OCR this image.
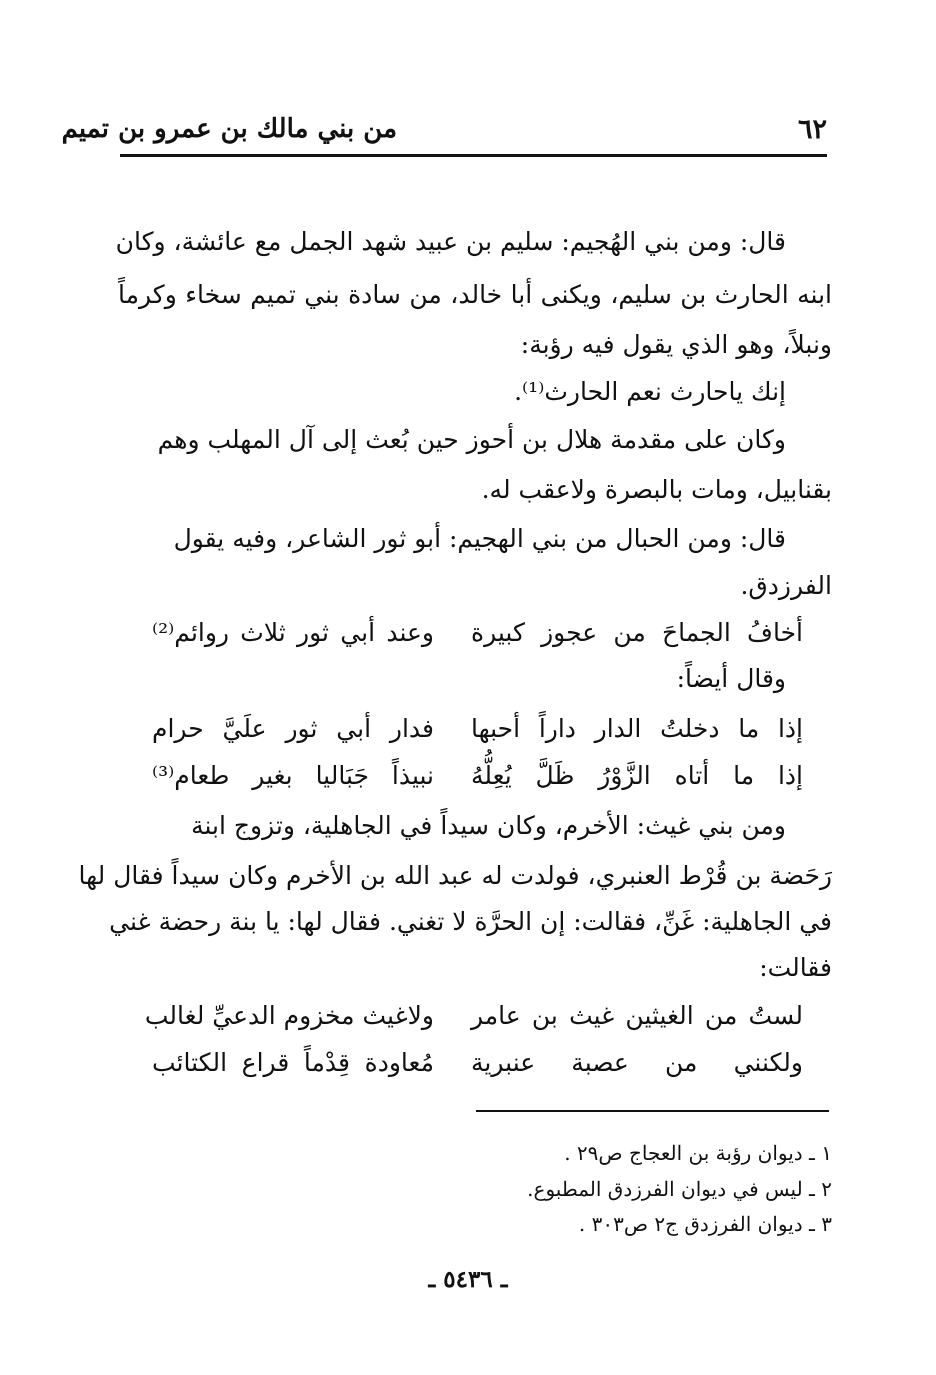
من بني مالك بن عمرو بن تميم	٦٢
قال: ومن بني الهُجيم: سليم بن عبيد شهد الجمل مع عائشة، وكان
ابنه الحارث بن سليم، ويكنى أبا خالد، من سادة بني تميم سخاء وكرماً
ونبلاً، وهو الذي يقول فيه رؤبة:
إنك ياحارث نعم الحارث⁽¹⁾.
وكان على مقدمة هلال بن أحوز حين بُعث إلى آل المهلب وهم
بقنابيل، ومات بالبصرة ولاعقب له.
قال: ومن الحبال من بني الهجيم: أبو ثور الشاعر، وفيه يقول
الفرزدق.
أخافُ الجماحَ من عجوز كبيرة
وعند أبي ثور ثلاث روائم⁽²⁾
وقال أيضاً:
إذا ما دخلتُ الدار داراً أحبها
فدار أبي ثور علَيَّ حرام
إذا ما أتاه الزَّوْرُ ظَلَّ يُعِلُّهُ
نبيذاً جَبَاليا بغير طعام⁽³⁾
ومن بني غيث: الأخرم، وكان سيداً في الجاهلية، وتزوج ابنة
رَحَضة بن قُرْط العنبري، فولدت له عبد الله بن الأخرم وكان سيداً فقال لها
في الجاهلية: غَنِّ، فقالت: إن الحرَّة لا تغني. فقال لها: يا بنة رحضة غني
فقالت:
لستُ من الغيثين غيث بن عامر
ولاغيث مخزوم الدعيِّ لغالب
ولكنني من عصبة عنبرية
مُعاودة قِدْماً قراع الكتائب
١ ـ ديوان رؤبة بن العجاج ص٢٩ .
٢ ـ ليس في ديوان الفرزدق المطبوع.
٣ ـ ديوان الفرزدق ج٢ ص٣٠٣ .
ـ ٥٤٣٦ ـ
